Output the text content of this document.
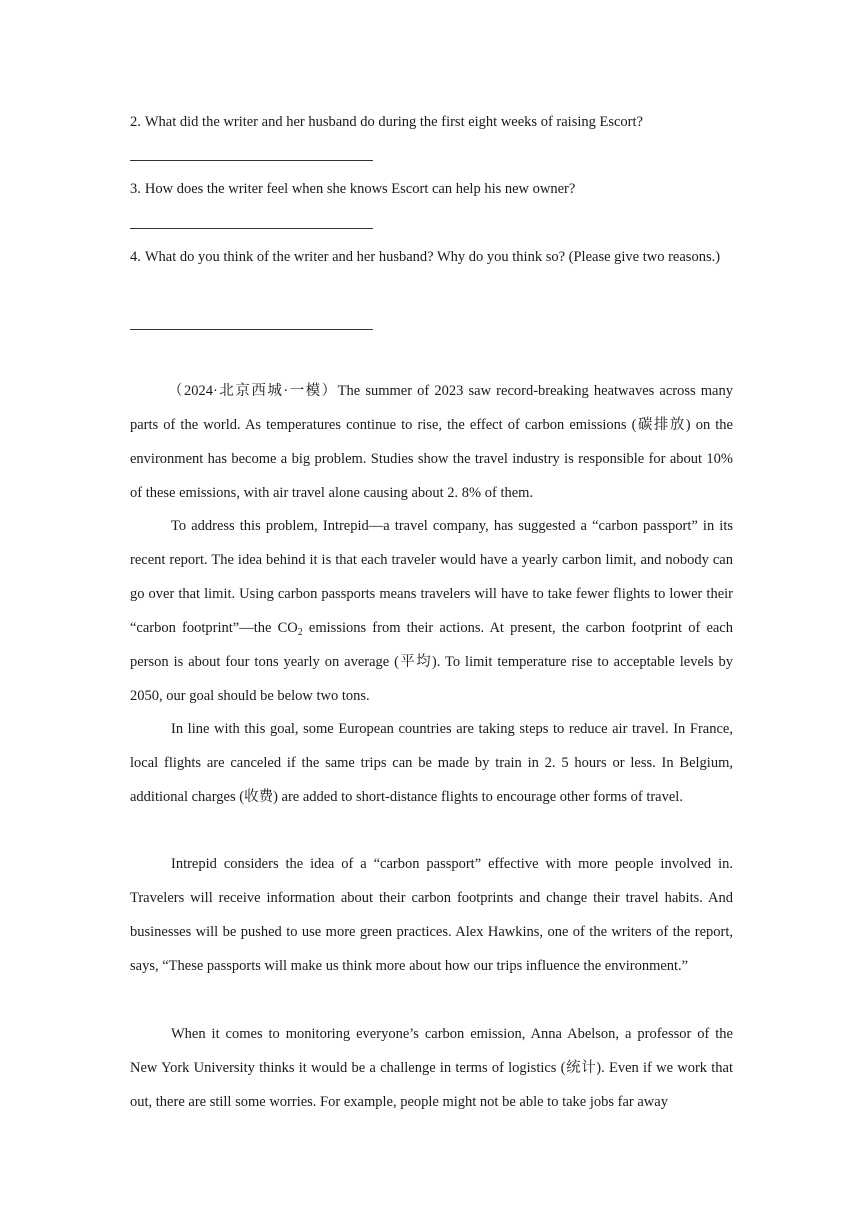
2. What did the writer and her husband do during the first eight weeks of raising Escort?
3. How does the writer feel when she knows Escort can help his new owner?
4. What do you think of the writer and her husband? Why do you think so? (Please give two reasons.)

（2024·北京西城·一模）The summer of 2023 saw record-breaking heatwaves across many parts of the world. As temperatures continue to rise, the effect of carbon emissions (碳排放) on the environment has become a big problem. Studies show the travel industry is responsible for about 10% of these emissions, with air travel alone causing about 2. 8% of them.

To address this problem, Intrepid—a travel company, has suggested a “carbon passport” in its recent report. The idea behind it is that each traveler would have a yearly carbon limit, and nobody can go over that limit. Using carbon passports means travelers will have to take fewer flights to lower their “carbon footprint”—the $CO_2$ emissions from their actions. At present, the carbon footprint of each person is about four tons yearly on average (平均). To limit temperature rise to acceptable levels by 2050, our goal should be below two tons.

In line with this goal, some European countries are taking steps to reduce air travel. In France, local flights are canceled if the same trips can be made by train in 2. 5 hours or less. In Belgium, additional charges (收费) are added to short-distance flights to encourage other forms of travel.

Intrepid considers the idea of a “carbon passport” effective with more people involved in. Travelers will receive information about their carbon footprints and change their travel habits. And businesses will be pushed to use more green practices. Alex Hawkins, one of the writers of the report, says, “These passports will make us think more about how our trips influence the environment.”

When it comes to monitoring everyone’s carbon emission, Anna Abelson, a professor of the New York University thinks it would be a challenge in terms of logistics (统计). Even if we work that out, there are still some worries. For example, people might not be able to take jobs far away
